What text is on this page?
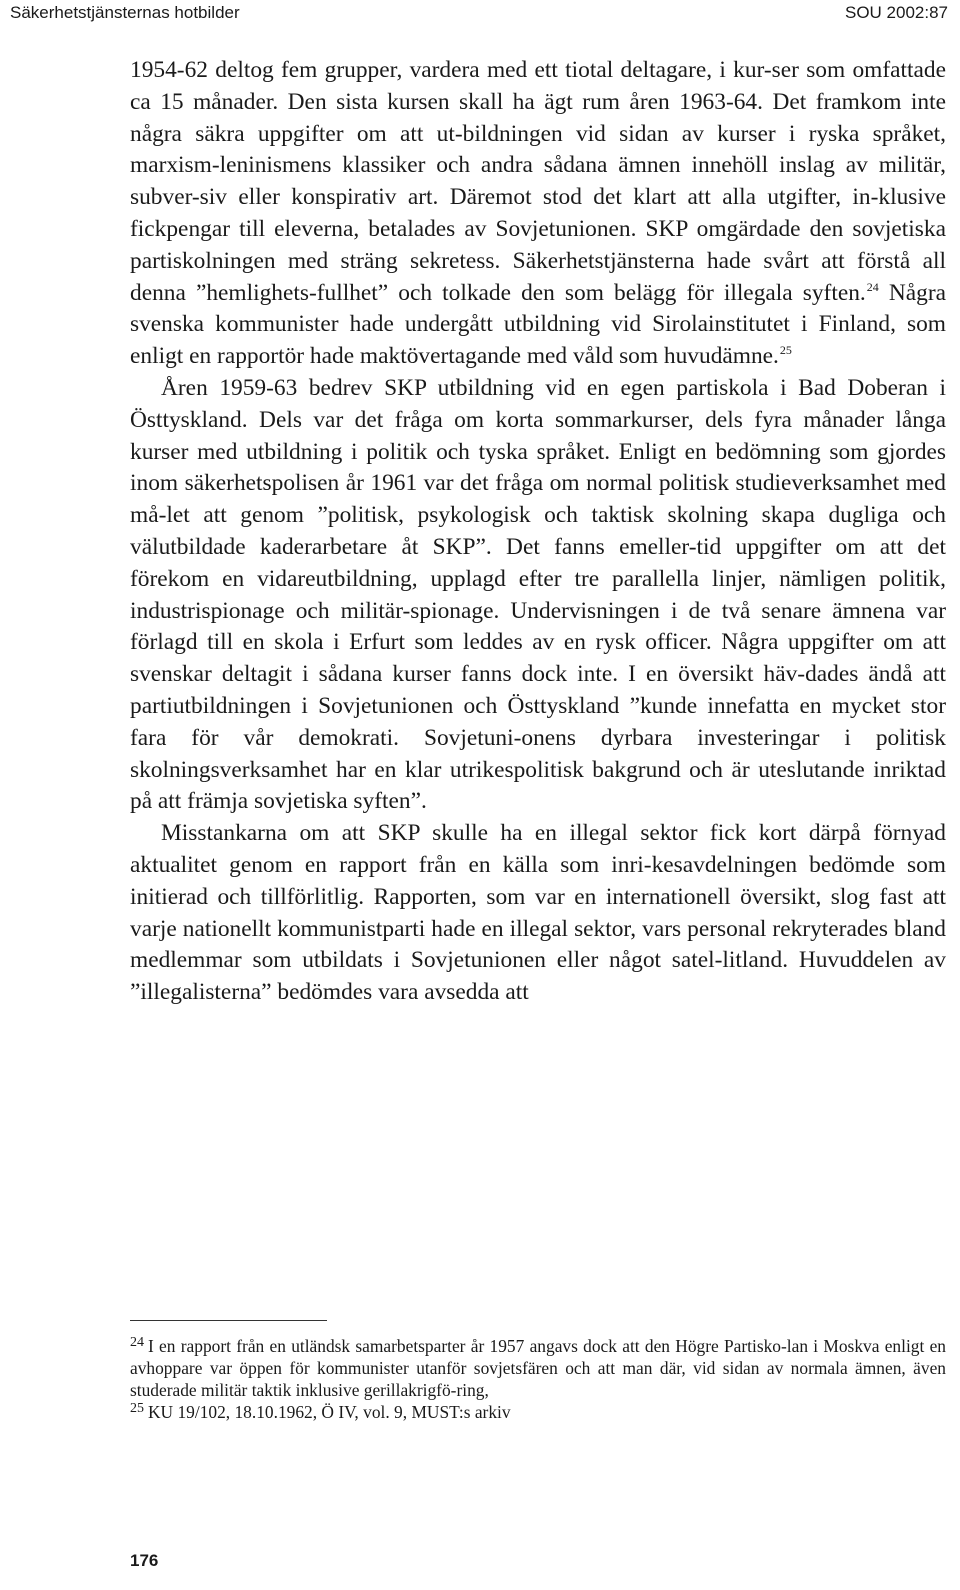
Säkerhetstjänsternas hotbilder	SOU 2002:87

1954-62 deltog fem grupper, vardera med ett tiotal deltagare, i kur-ser som omfattade ca 15 månader. Den sista kursen skall ha ägt rum åren 1963-64. Det framkom inte några säkra uppgifter om att ut-bildningen vid sidan av kurser i ryska språket, marxism-leninismens klassiker och andra sådana ämnen innehöll inslag av militär, subver-siv eller konspirativ art. Däremot stod det klart att alla utgifter, in-klusive fickpengar till eleverna, betalades av Sovjetunionen. SKP omgärdade den sovjetiska partiskolningen med sträng sekretess. Säkerhetstjänsterna hade svårt att förstå all denna ”hemlighets-fullhet” och tolkade den som belägg för illegala syften.$^{24}$ Några svenska kommunister hade undergått utbildning vid Sirolainstitutet i Finland, som enligt en rapportör hade maktövertagande med våld som huvudämne.$^{25}$

Åren 1959-63 bedrev SKP utbildning vid en egen partiskola i Bad Doberan i Östtyskland. Dels var det fråga om korta sommarkurser, dels fyra månader långa kurser med utbildning i politik och tyska språket. Enligt en bedömning som gjordes inom säkerhetspolisen år 1961 var det fråga om normal politisk studieverksamhet med må-let att genom ”politisk, psykologisk och taktisk skolning skapa dugliga och välutbildade kaderarbetare åt SKP”. Det fanns emeller-tid uppgifter om att det förekom en vidareutbildning, upplagd efter tre parallella linjer, nämligen politik, industrispionage och militär-spionage. Undervisningen i de två senare ämnena var förlagd till en skola i Erfurt som leddes av en rysk officer. Några uppgifter om att svenskar deltagit i sådana kurser fanns dock inte. I en översikt häv-dades ändå att partiutbildningen i Sovjetunionen och Östtyskland ”kunde innefatta en mycket stor fara för vår demokrati. Sovjetuni-onens dyrbara investeringar i politisk skolningsverksamhet har en klar utrikespolitisk bakgrund och är uteslutande inriktad på att främja sovjetiska syften”.

Misstankarna om att SKP skulle ha en illegal sektor fick kort därpå förnyad aktualitet genom en rapport från en källa som inri-kesavdelningen bedömde som initierad och tillförlitlig. Rapporten, som var en internationell översikt, slog fast att varje nationellt kommunistparti hade en illegal sektor, vars personal rekryterades bland medlemmar som utbildats i Sovjetunionen eller något satel-litland. Huvuddelen av ”illegalisterna” bedömdes vara avsedda att

$^{24}$ I en rapport från en utländsk samarbetsparter år 1957 angavs dock att den Högre Partisko-lan i Moskva enligt en avhoppare var öppen för kommunister utanför sovjetsfären och att man där, vid sidan av normala ämnen, även studerade militär taktik inklusive gerillakrigfö-ring,

$^{25}$ KU 19/102, 18.10.1962, Ö IV, vol. 9, MUST:s arkiv

176
